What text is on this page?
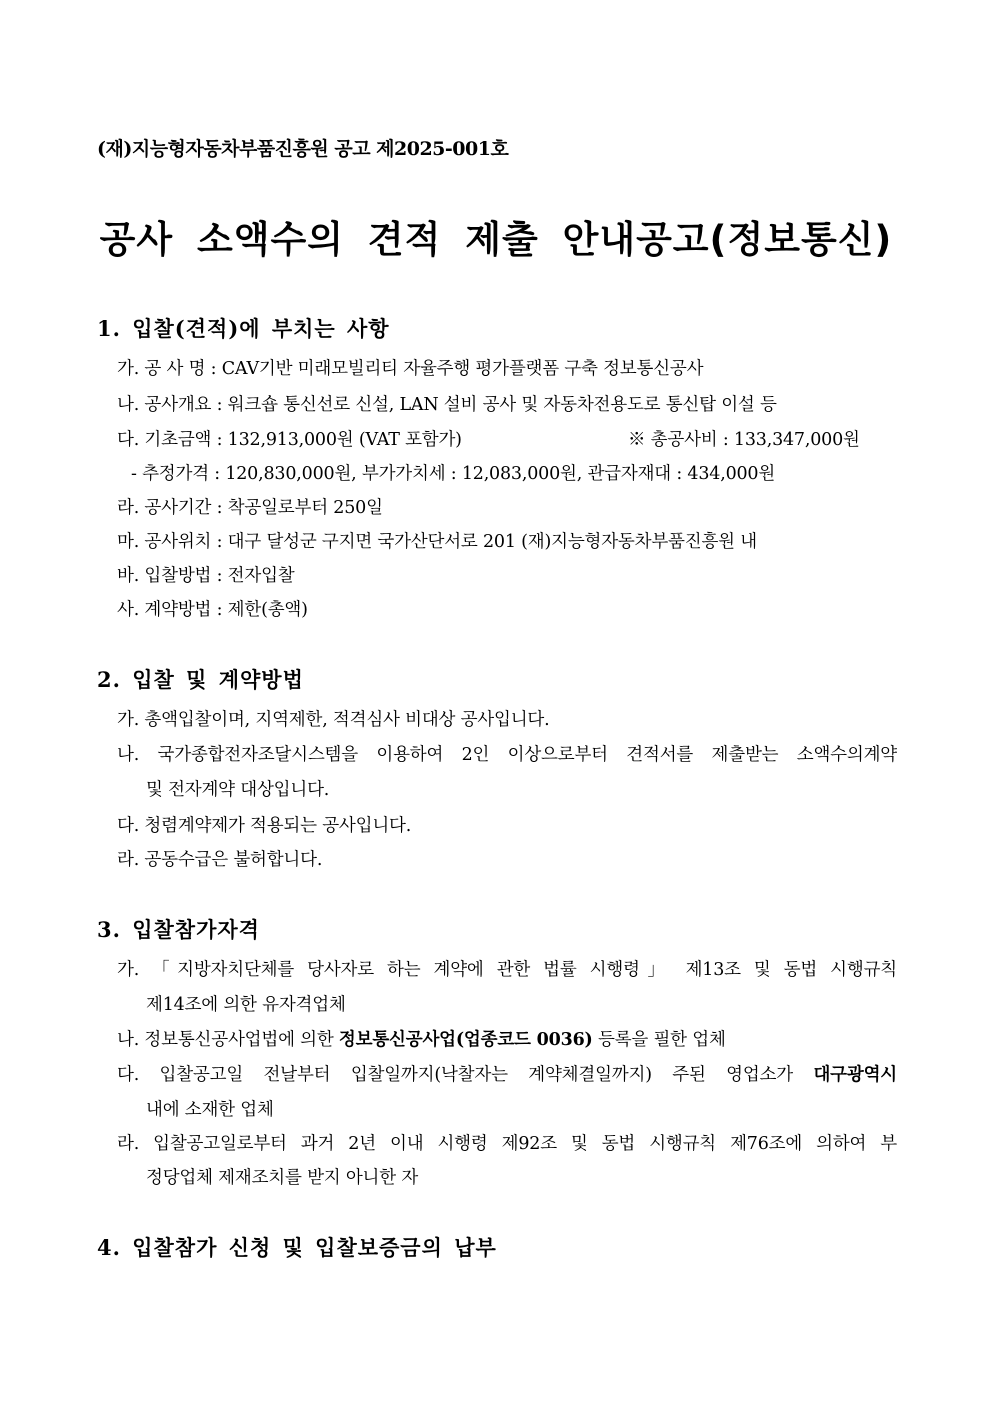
(재)지능형자동차부품진흥원 공고 제2025-001호
공사 소액수의 견적 제출 안내공고(정보통신)
1. 입찰(견적)에 부치는 사항
가. 공 사 명 : CAV기반 미래모빌리티 자율주행 평가플랫폼 구축 정보통신공사
나. 공사개요 : 워크숍 통신선로 신설, LAN 설비 공사 및 자동차전용도로 통신탑 이설 등
다. 기초금액 : 132,913,000원 (VAT 포함가)	※ 총공사비 : 133,347,000원
- 추정가격 : 120,830,000원, 부가가치세 : 12,083,000원, 관급자재대 : 434,000원
라. 공사기간 : 착공일로부터 250일
마. 공사위치 : 대구 달성군 구지면 국가산단서로 201 (재)지능형자동차부품진흥원 내
바. 입찰방법 : 전자입찰
사. 계약방법 : 제한(총액)
2. 입찰 및 계약방법
가. 총액입찰이며, 지역제한, 적격심사 비대상 공사입니다.
나. 국가종합전자조달시스템을 이용하여 2인 이상으로부터 견적서를 제출받는 소액수의계약
및 전자계약 대상입니다.
다. 청렴계약제가 적용되는 공사입니다.
라. 공동수급은 불허합니다.
3. 입찰참가자격
가. 「지방자치단체를 당사자로 하는 계약에 관한 법률 시행령」 제13조 및 동법 시행규칙
제14조에 의한 유자격업체
나. 정보통신공사업법에 의한 정보통신공사업(업종코드 0036) 등록을 필한 업체
다. 입찰공고일 전날부터 입찰일까지(낙찰자는 계약체결일까지) 주된 영업소가 대구광역시
내에 소재한 업체
라. 입찰공고일로부터 과거 2년 이내 시행령 제92조 및 동법 시행규칙 제76조에 의하여 부
정당업체 제재조치를 받지 아니한 자
4. 입찰참가 신청 및 입찰보증금의 납부
